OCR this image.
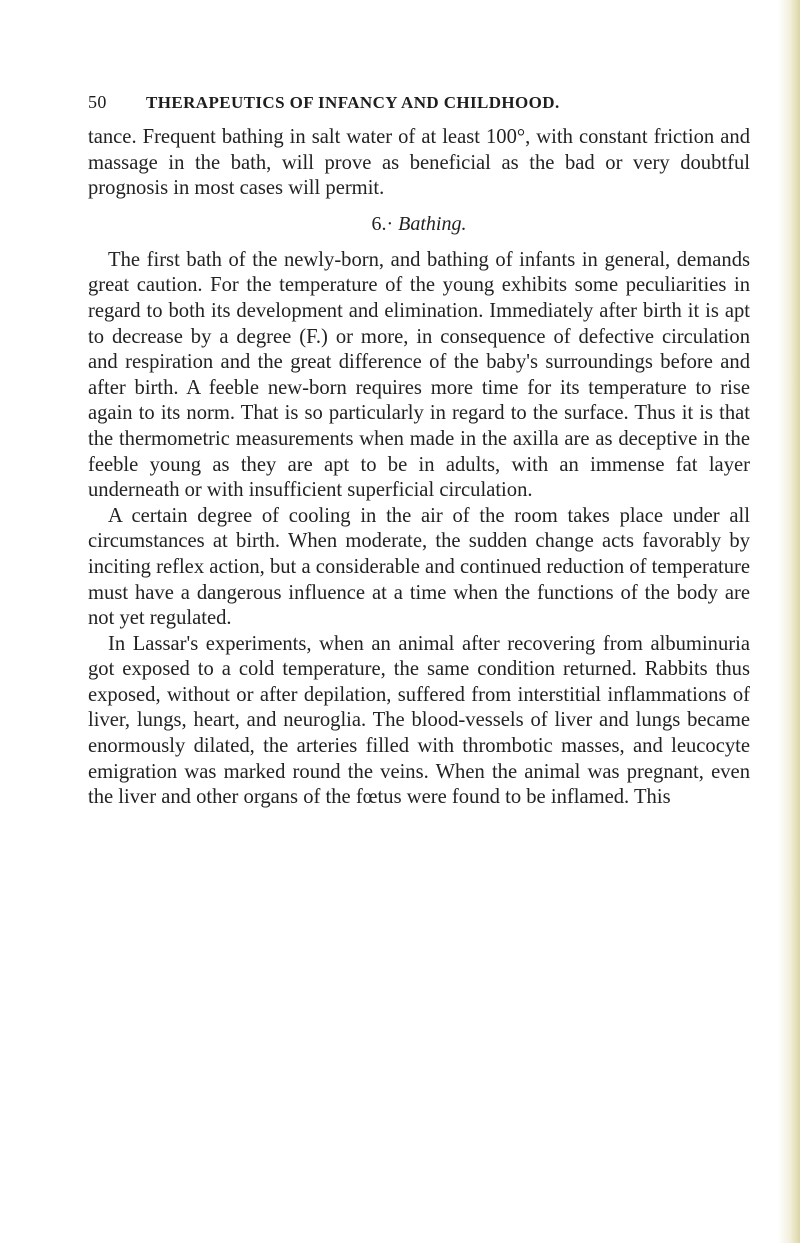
50 THERAPEUTICS OF INFANCY AND CHILDHOOD.

tance. Frequent bathing in salt water of at least 100°, with constant friction and massage in the bath, will prove as beneficial as the bad or very doubtful prognosis in most cases will permit.

6.· Bathing.

The first bath of the newly-born, and bathing of infants in general, demands great caution. For the temperature of the young exhibits some peculiarities in regard to both its development and elimination. Immediately after birth it is apt to decrease by a degree (F.) or more, in consequence of defective circulation and respiration and the great difference of the baby's surroundings before and after birth. A feeble new-born requires more time for its temperature to rise again to its norm. That is so particularly in regard to the surface. Thus it is that the thermometric measurements when made in the axilla are as deceptive in the feeble young as they are apt to be in adults, with an immense fat layer underneath or with insufficient superficial circulation.

A certain degree of cooling in the air of the room takes place under all circumstances at birth. When moderate, the sudden change acts favorably by inciting reflex action, but a considerable and continued reduction of temperature must have a dangerous influence at a time when the functions of the body are not yet regulated.

In Lassar's experiments, when an animal after recovering from albuminuria got exposed to a cold temperature, the same condition returned. Rabbits thus exposed, without or after depilation, suffered from interstitial inflammations of liver, lungs, heart, and neuroglia. The blood-vessels of liver and lungs became enormously dilated, the arteries filled with thrombotic masses, and leucocyte emigration was marked round the veins. When the animal was pregnant, even the liver and other organs of the fœtus were found to be inflamed. This
